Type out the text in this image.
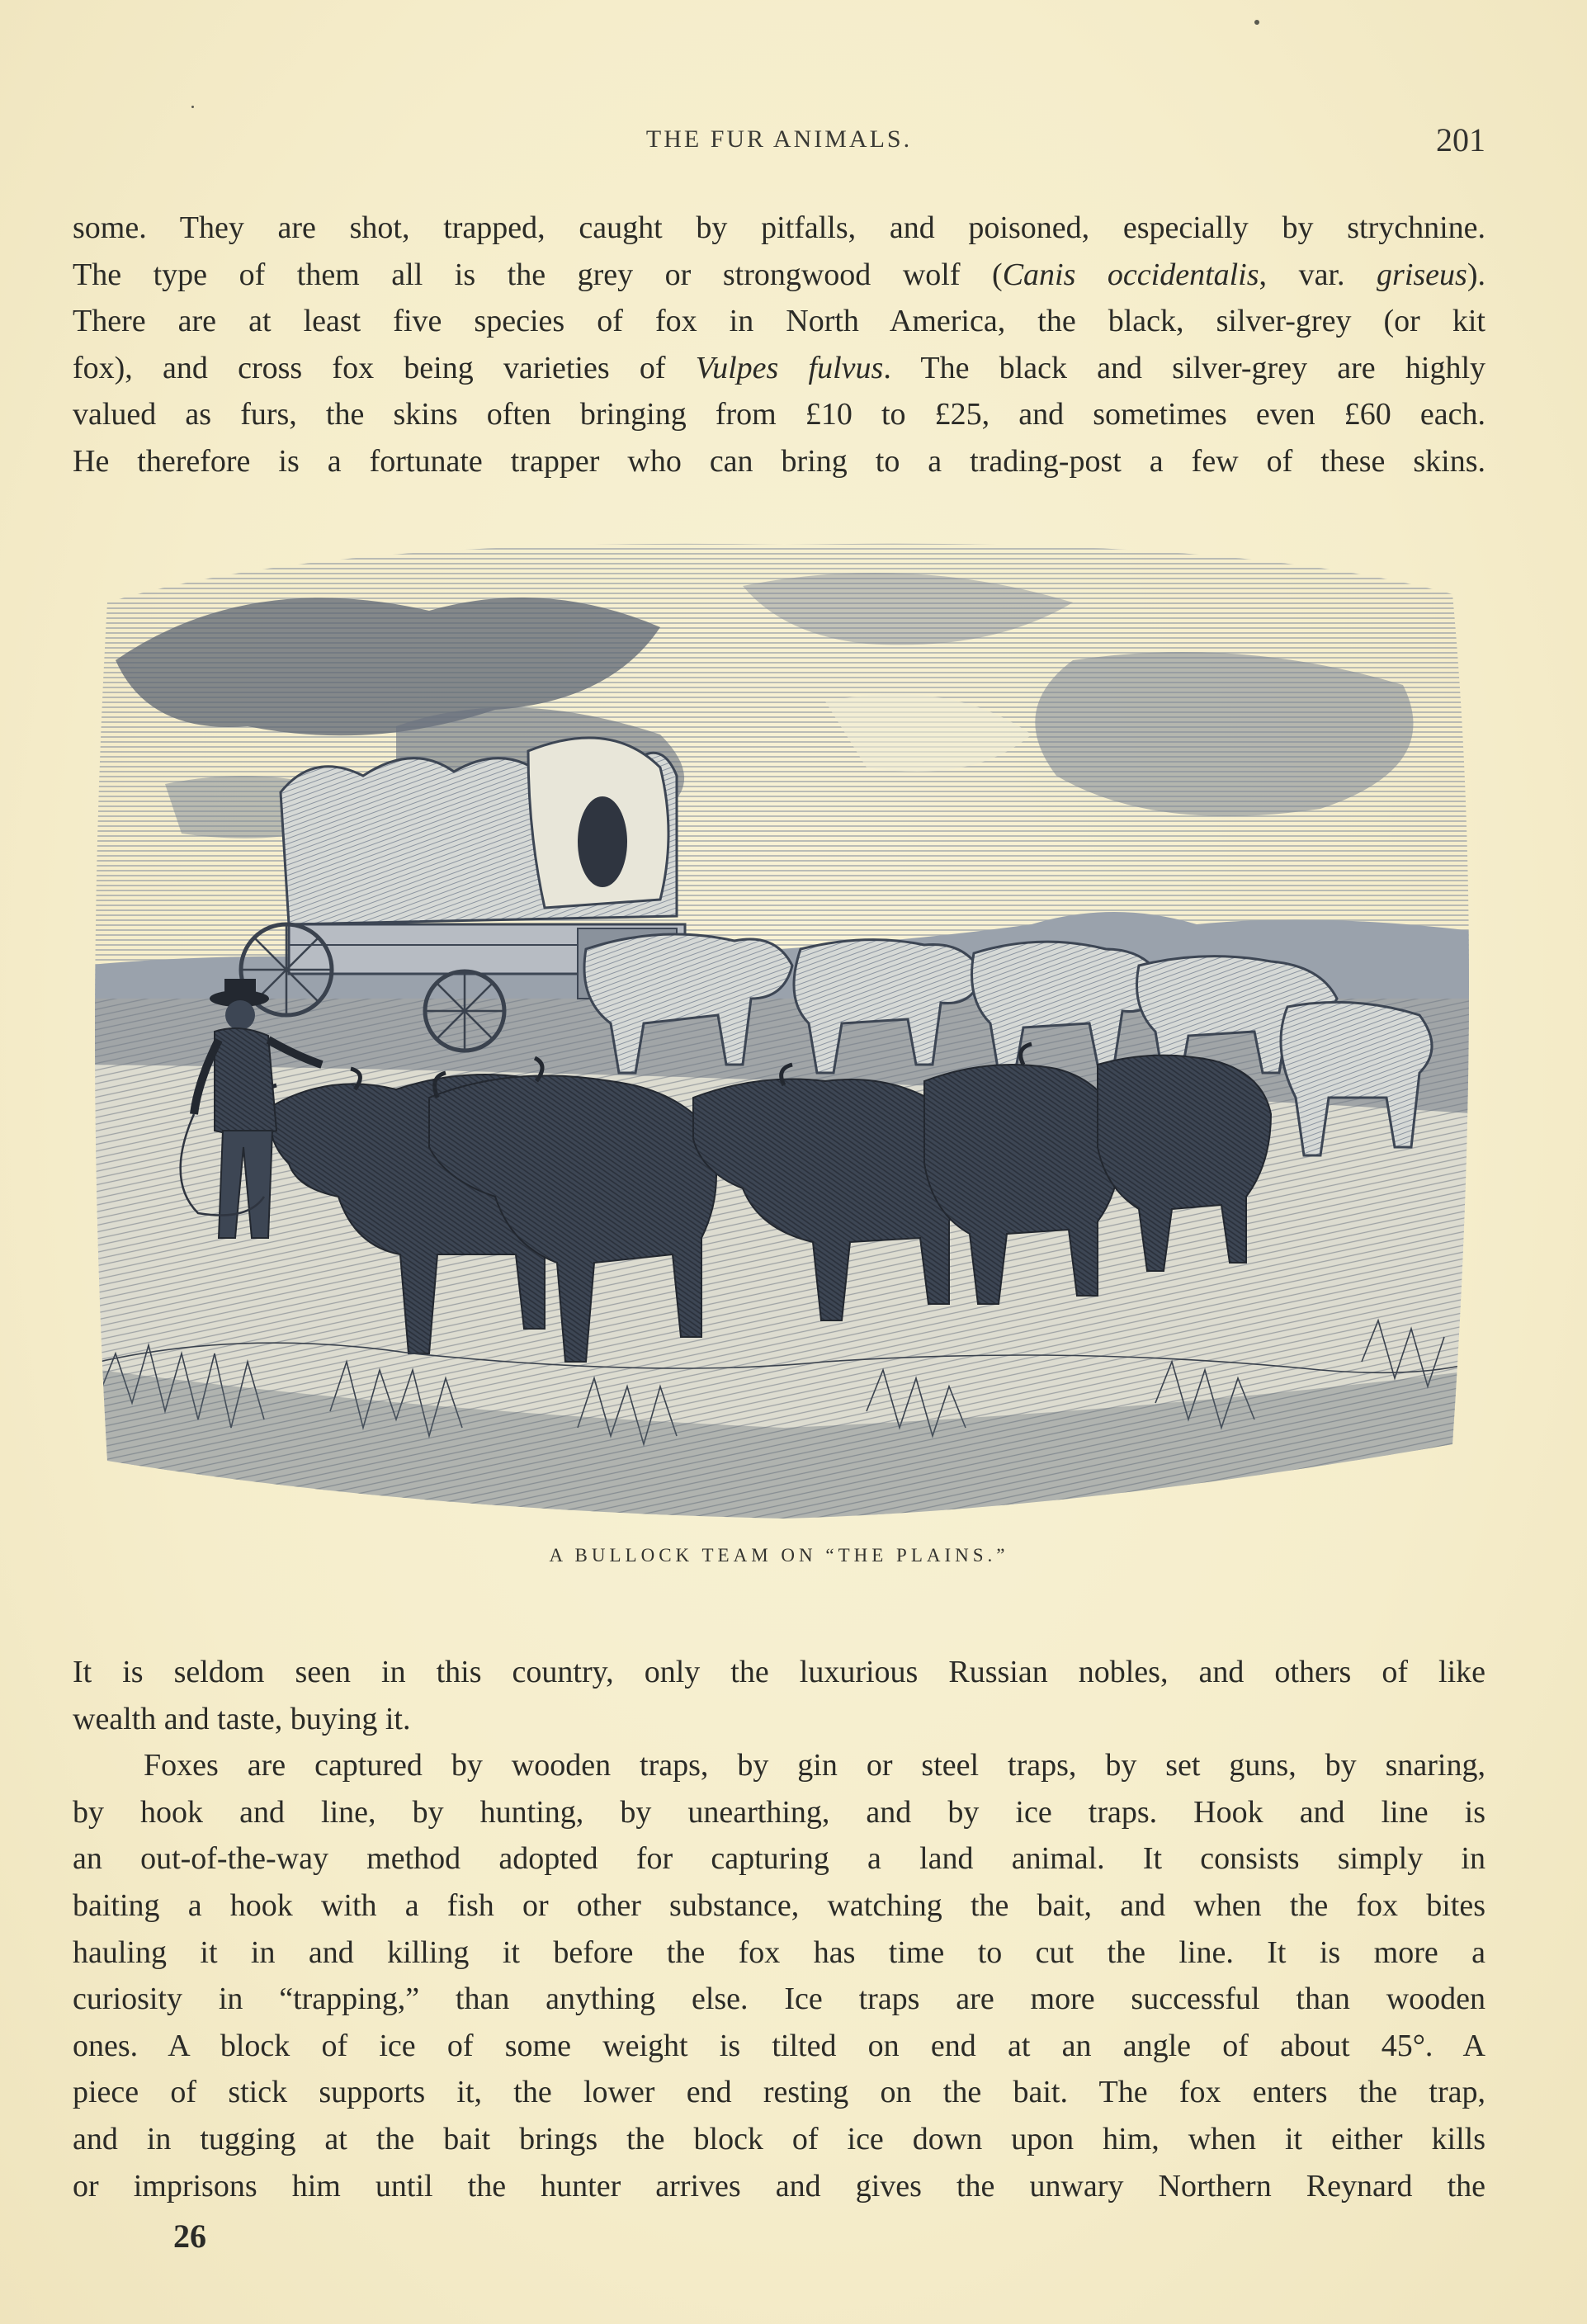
THE FUR ANIMALS.	201

some. They are shot, trapped, caught by pitfalls, and poisoned, especially by strychnine.

The type of them all is the grey or strongwood wolf (Canis occidentalis, var. griseus).

There are at least five species of fox in North America, the black, silver-grey (or kit

fox), and cross fox being varieties of Vulpes fulvus. The black and silver-grey are highly

valued as furs, the skins often bringing from £10 to £25, and sometimes even £60 each.

He therefore is a fortunate trapper who can bring to a trading-post a few of these skins.

A BULLOCK TEAM ON “THE PLAINS.”

It is seldom seen in this country, only the luxurious Russian nobles, and others of like

wealth and taste, buying it.

Foxes are captured by wooden traps, by gin or steel traps, by set guns, by snaring,

by hook and line, by hunting, by unearthing, and by ice traps. Hook and line is

an out-of-the-way method adopted for capturing a land animal. It consists simply in

baiting a hook with a fish or other substance, watching the bait, and when the fox bites

hauling it in and killing it before the fox has time to cut the line. It is more a

curiosity in “trapping,” than anything else. Ice traps are more successful than wooden

ones. A block of ice of some weight is tilted on end at an angle of about 45°. A

piece of stick supports it, the lower end resting on the bait. The fox enters the trap,

and in tugging at the bait brings the block of ice down upon him, when it either kills

or imprisons him until the hunter arrives and gives the unwary Northern Reynard the

26
